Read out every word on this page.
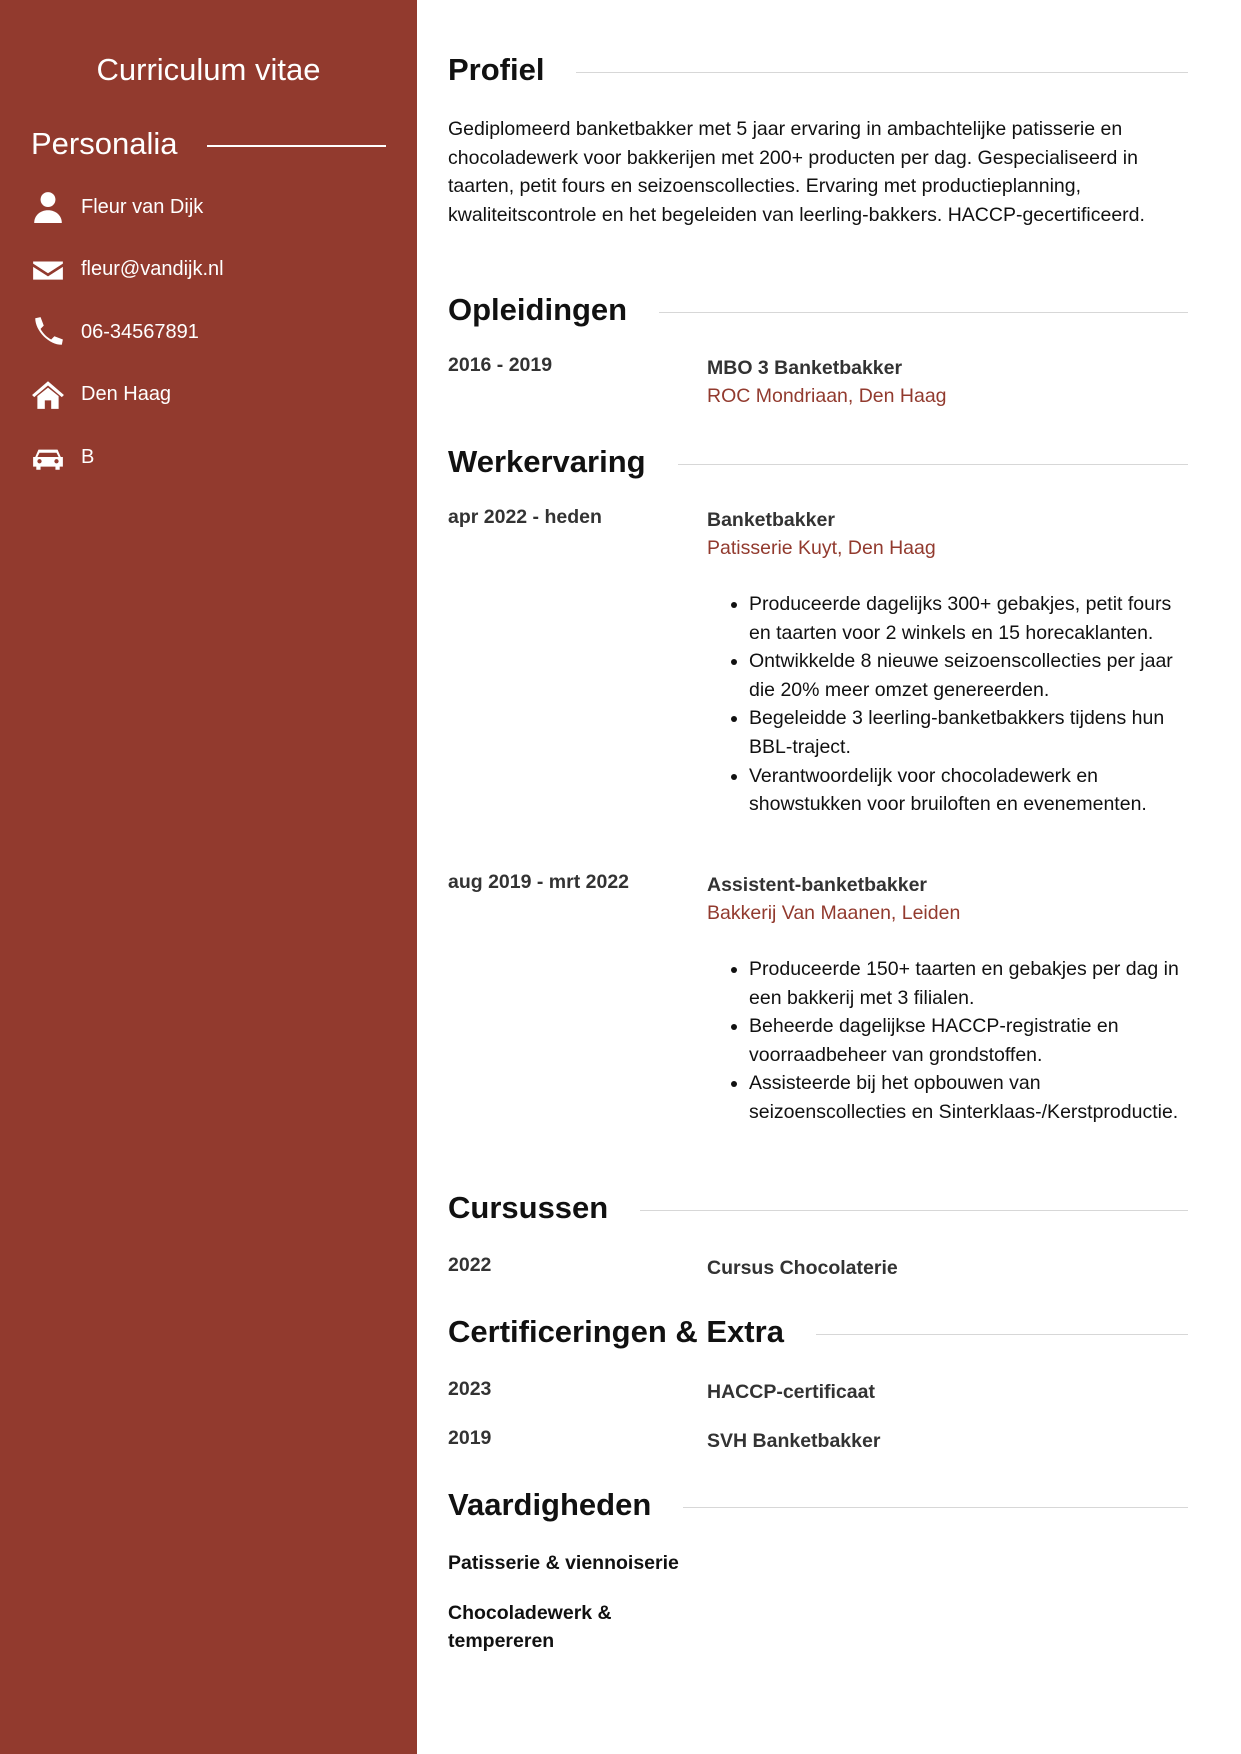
Curriculum vitae
Personalia
Fleur van Dijk
fleur@vandijk.nl
06-34567891
Den Haag
B
Profiel

Gediplomeerd banketbakker met 5 jaar ervaring in ambachtelijke patisserie en chocoladewerk voor bakkerijen met 200+ producten per dag. Gespecialiseerd in taarten, petit fours en seizoenscollecties. Ervaring met productieplanning, kwaliteitscontrole en het begeleiden van leerling-bakkers. HACCP-gecertificeerd.

Opleidingen
2016 - 2019	MBO 3 Banketbakker
ROC Mondriaan, Den Haag
Werkervaring
apr 2022 - heden	Banketbakker
Patisserie Kuyt, Den Haag
• Produceerde dagelijks 300+ gebakjes, petit fours en taarten voor 2 winkels en 15 horecaklanten.
• Ontwikkelde 8 nieuwe seizoenscollecties per jaar die 20% meer omzet genereerden.
• Begeleidde 3 leerling-banketbakkers tijdens hun BBL-traject.
• Verantwoordelijk voor chocoladewerk en showstukken voor bruiloften en evenementen.
aug 2019 - mrt 2022	Assistent-banketbakker
Bakkerij Van Maanen, Leiden
• Produceerde 150+ taarten en gebakjes per dag in een bakkerij met 3 filialen.
• Beheerde dagelijkse HACCP-registratie en voorraadbeheer van grondstoffen.
• Assisteerde bij het opbouwen van seizoenscollecties en Sinterklaas-/Kerstproductie.
Cursussen
2022	Cursus Chocolaterie
Certificeringen & Extra
2023	HACCP-certificaat
2019	SVH Banketbakker
Vaardigheden
Patisserie & viennoiserie
Chocoladewerk & tempereren
